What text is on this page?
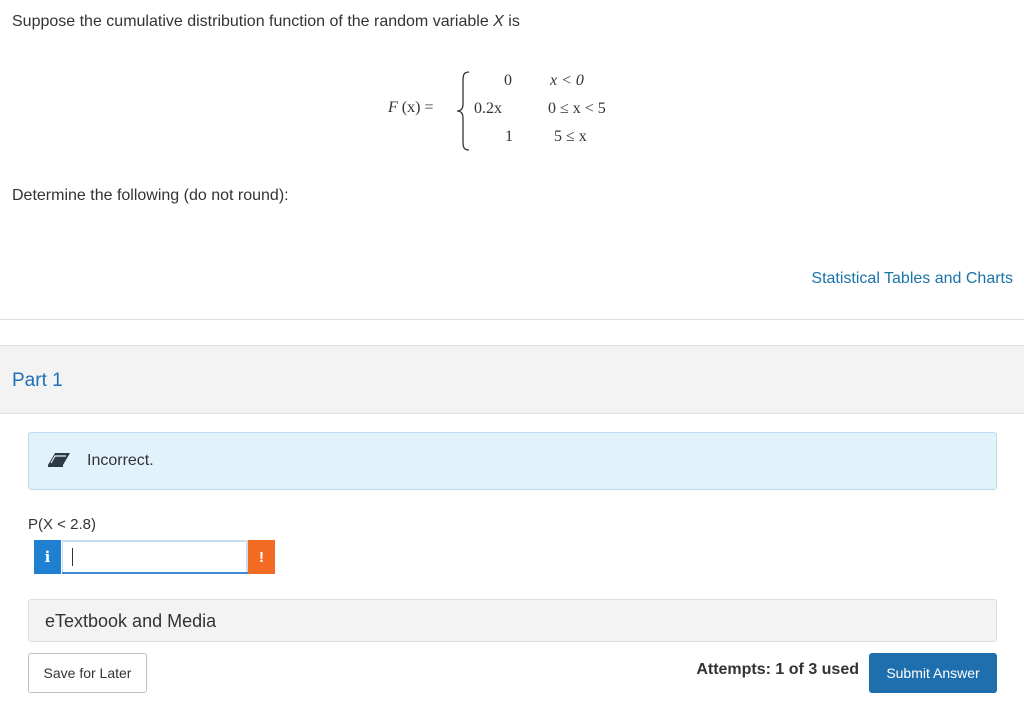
Suppose the cumulative distribution function of the random variable X is
F (x) =
0 x < 0
0.2x	0 ≤ x < 5
1	5 ≤ x
Determine the following (do not round):
Statistical Tables and Charts
Part 1
Incorrect.
P(X < 2.8)
i	!
eTextbook and Media
Save for Later	Attempts: 1 of 3 used	Submit Answer
